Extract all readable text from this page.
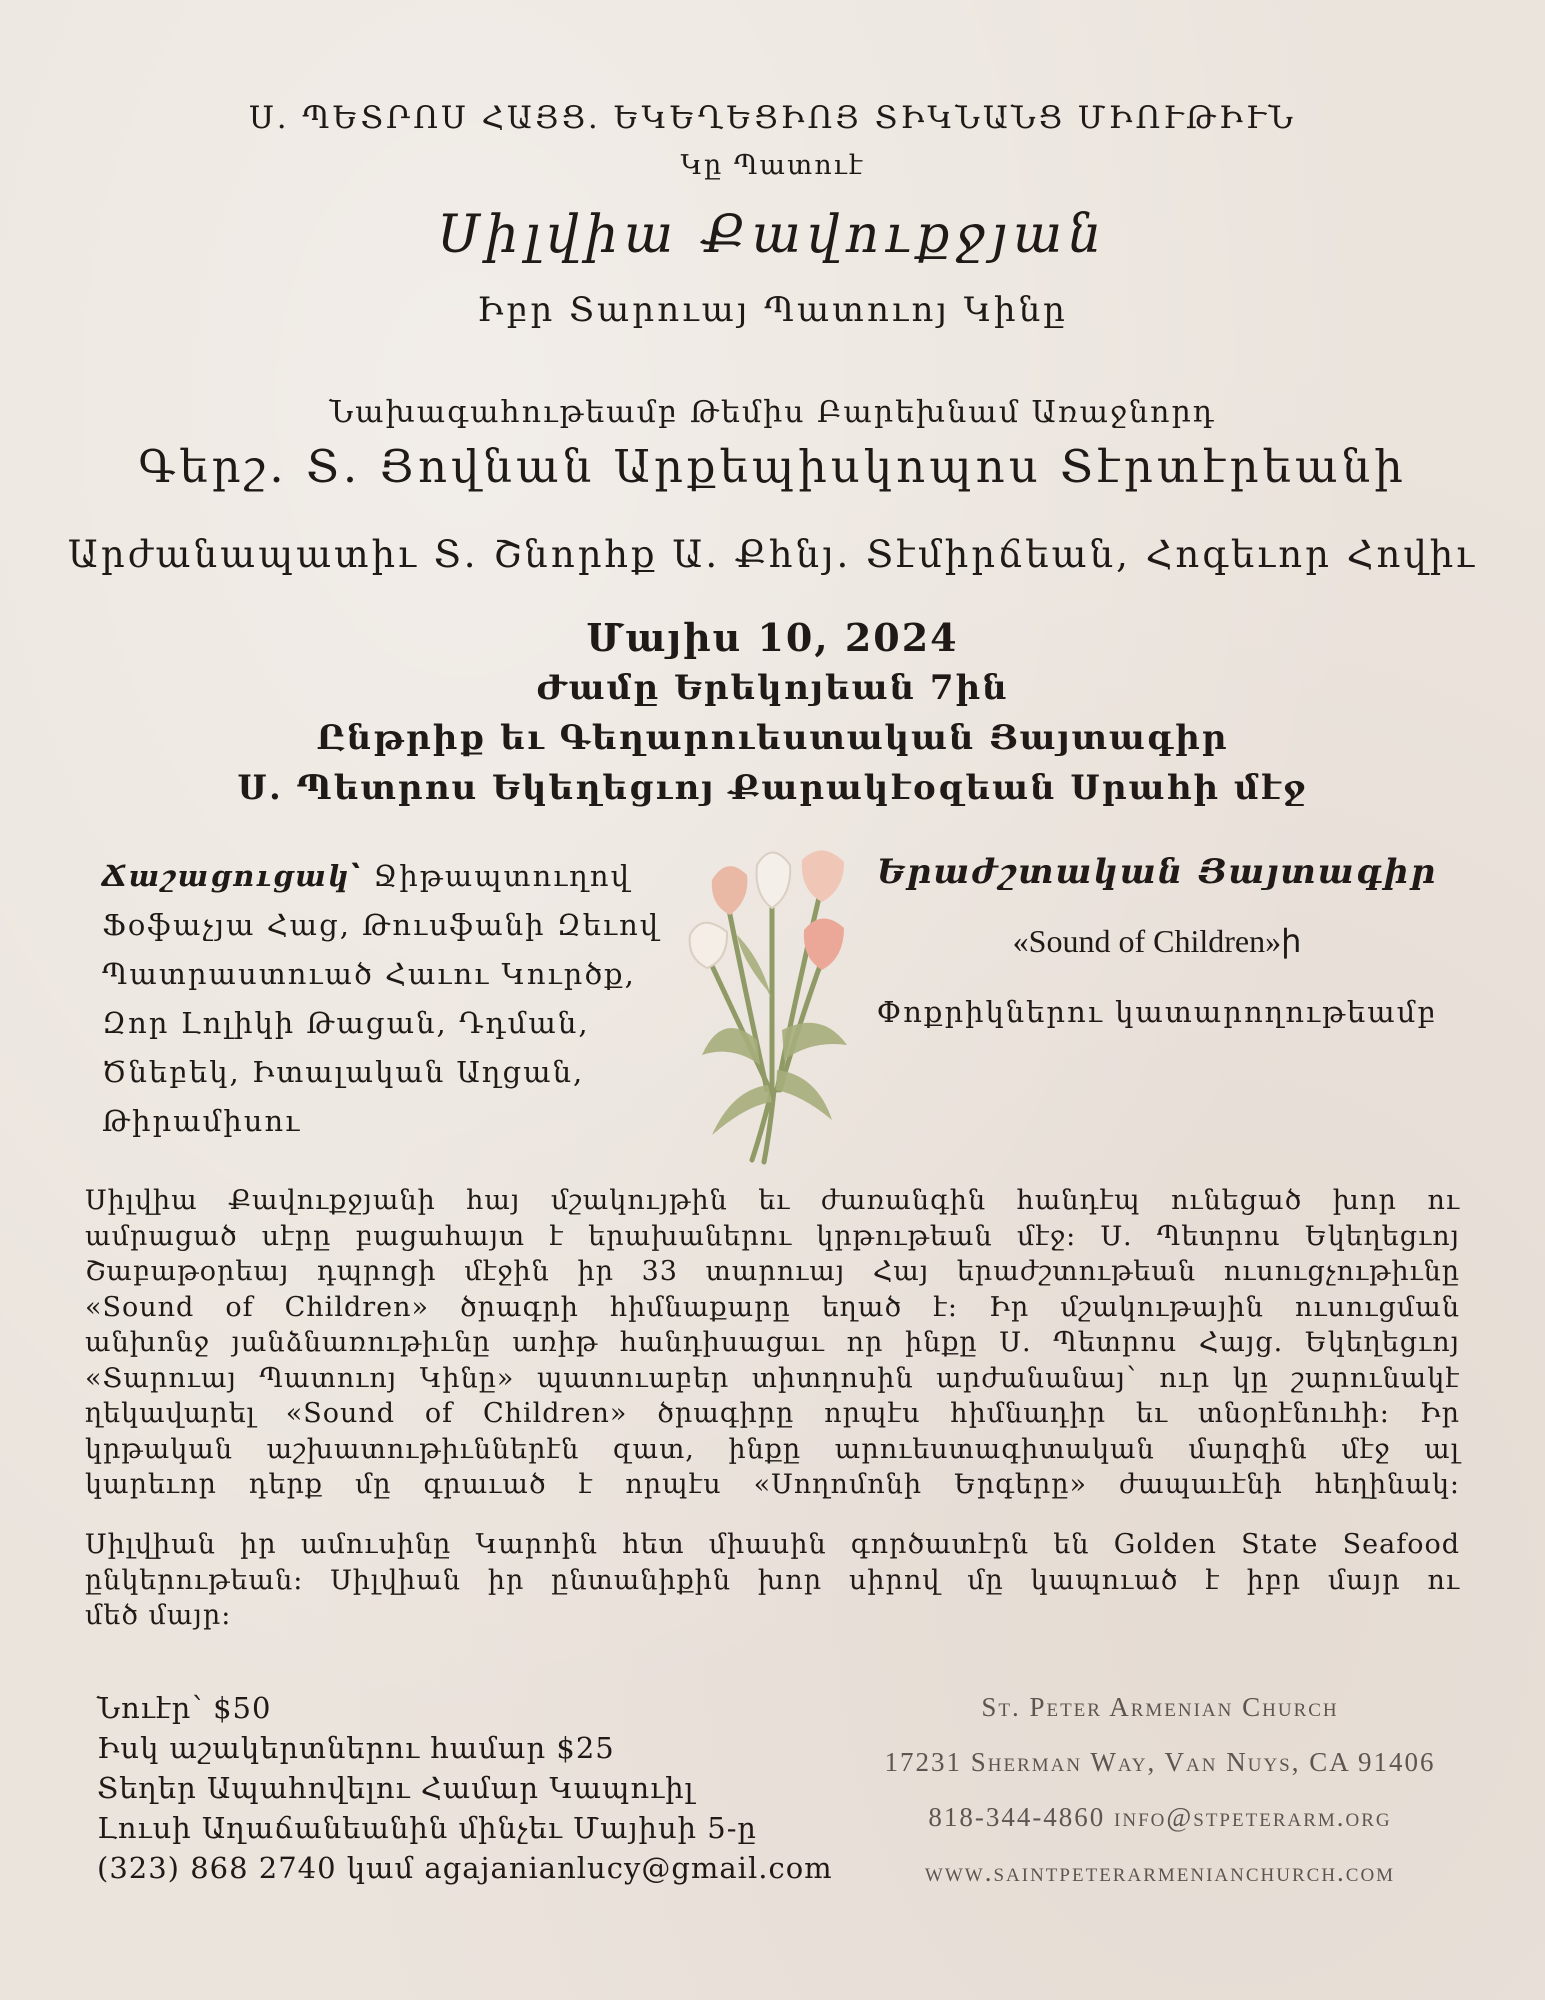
Ս. ՊԵՏՐՈՍ ՀԱՅՑ. ԵԿԵՂԵՑԻՈՅ ՏԻԿՆԱՆՑ ՄԻՈՒԹԻՒՆ
Կը Պատուէ
Սիլվիա Քավուքջյան
Իբր Տարուայ Պատուոյ Կինը
Նախագահութեամբ Թեմիս Բարեխնամ Առաջնորդ
Գերշ. Տ. Յովնան Արքեպիսկոպոս Տէրտէրեանի
Արժանապատիւ Տ. Շնորհք Ա. Քհնյ. Տէմիրճեան, Հոգեւոր Հովիւ
Մայիս 10, 2024
Ժամը Երեկոյեան 7ին
Ընթրիք եւ Գեղարուեստական Յայտագիր
Ս. Պետրոս Եկեղեցւոյ Քարակէօզեան Սրահի մէջ
Ճաշացուցակ՝ Ջիթապտուղով
Ֆօֆաչյա Հաց, Թուսֆանի Զեւով
Պատրաստուած Հաւու Կուրծք,
Զոր Լոլիկի Թացան, Դդման,
Ծնեբեկ, Իտալական Աղցան,
Թիրամիսու
Երաժշտական Յայտագիր
«Sound of Children»ի
Փոքրիկներու կատարողութեամբ
Սիլվիա Քավուքջյանի հայ մշակույթին եւ ժառանգին հանդէպ ունեցած խոր ու
ամրացած սէրը բացահայտ է երախաներու կրթութեան մէջ: Ս. Պետրոս Եկեղեցւոյ
Շաբաթօրեայ դպրոցի մէջին իր 33 տարուայ Հայ երաժշտութեան ուսուցչութիւնը
«Sound of Children» ծրագրի հիմնաքարը եղած է: Իր մշակութային ուսուցման
անխոնջ յանձնառութիւնը առիթ հանդիսացաւ որ ինքը Ս. Պետրոս Հայց. Եկեղեցւոյ
«Տարուայ Պատուոյ Կինը» պատուաբեր տիտղոսին արժանանայ՝ ուր կը շարունակէ
ղեկավարել «Sound of Children» ծրագիրը որպէս հիմնադիր եւ տնօրէնուհի: Իր
կրթական աշխատութիւններէն զատ, ինքը արուեստագիտական մարզին մէջ ալ
կարեւոր դերք մը գրաւած է որպէս «Սողոմոնի Երգերը» ժապաւէնի հեղինակ:
Սիլվիան իր ամուսինը Կարոին հետ միասին գործատէրն են Golden State Seafood
ընկերութեան: Սիլվիան իր ընտանիքին խոր սիրով մը կապուած է իբր մայր ու
մեծ մայր:
Նուէր՝ $50
Իսկ աշակերտներու համար $25
Տեղեր Ապահովելու Համար Կապուիլ
Լուսի Աղաճանեանին մինչեւ Մայիսի 5-ը
(323) 868 2740 կամ agajanianlucy@gmail.com
St. Peter Armenian Church
17231 Sherman Way, Van Nuys, CA 91406
818-344-4860 info@stpeterarm.org
www.saintpeterarmenianchurch.com
